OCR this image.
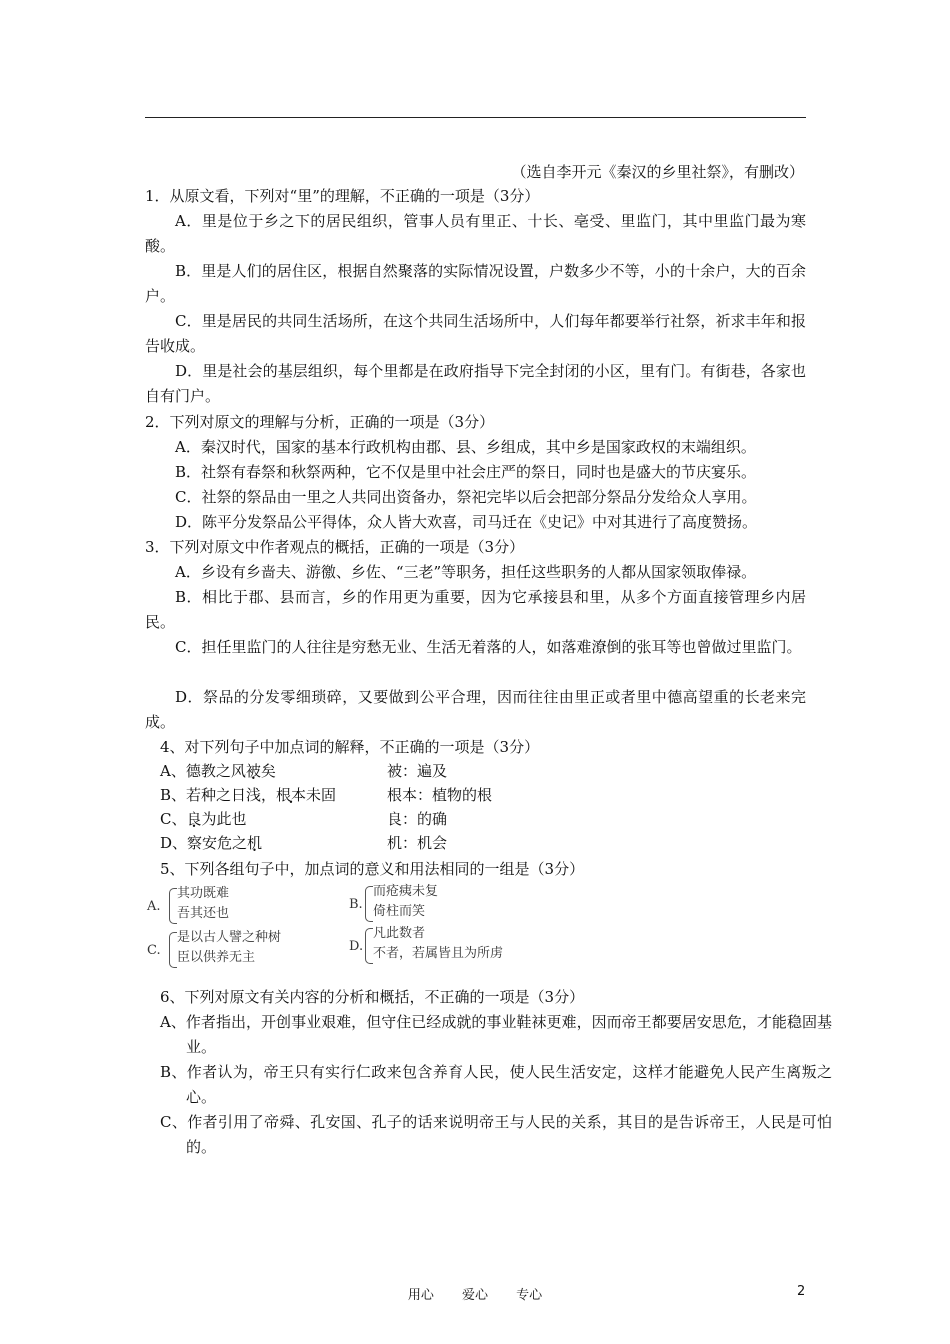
（选自李开元《秦汉的乡里社祭》，有删改）
1．从原文看，下列对“里”的理解，不正确的一项是（3分）
A．里是位于乡之下的居民组织，管事人员有里正、十长、亳受、里监门，其中里监门最为寒酸。
B．里是人们的居住区，根据自然聚落的实际情况设置，户数多少不等，小的十余户，大的百余户。
C．里是居民的共同生活场所，在这个共同生活场所中，人们每年都要举行社祭，祈求丰年和报告收成。
D．里是社会的基层组织，每个里都是在政府指导下完全封闭的小区，里有门。有街巷，各家也自有门户。
2．下列对原文的理解与分析，正确的一项是（3分）
A．秦汉时代，国家的基本行政机构由郡、县、乡组成，其中乡是国家政权的末端组织。
B．社祭有春祭和秋祭两种，它不仅是里中社会庄严的祭日，同时也是盛大的节庆宴乐。
C．社祭的祭品由一里之人共同出资备办，祭祀完毕以后会把部分祭品分发给众人享用。
D．陈平分发祭品公平得体，众人皆大欢喜，司马迁在《史记》中对其进行了高度赞扬。
3．下列对原文中作者观点的概括，正确的一项是（3分）
A．乡设有乡啬夫、游徼、乡佐、“三老”等职务，担任这些职务的人都从国家领取俸禄。
B．相比于郡、县而言，乡的作用更为重要，因为它承接县和里，从多个方面直接管理乡内居民。
C．担任里监门的人往往是穷愁无业、生活无着落的人，如落难潦倒的张耳等也曾做过里监门。
D．祭品的分发零细琐碎，又要做到公平合理，因而往往由里正或者里中德高望重的长老来完成。
4、对下列句子中加点词的解释，不正确的一项是（3分）
A、德教之风被矣	被：遍及
B、若种之日浅，根本未固	根本：植物的根
C、良为此也	良：的确
D、察安危之机	机：机会
5、下列各组句子中，加点词的意义和用法相同的一组是（3分）
A.
其功既难
吾其还也
B.
而疮痍未复
倚柱而笑
C.
是以古人譬之种树
臣以供养无主
D.
凡此数者
不者，若属皆且为所虏
6、下列对原文有关内容的分析和概括，不正确的一项是（3分）
A、作者指出，开创事业艰难，但守住已经成就的事业鞋袜更难，因而帝王都要居安思危，才能稳固基业。
B、作者认为，帝王只有实行仁政来包含养育人民，使人民生活安定，这样才能避免人民产生离叛之心。
C、作者引用了帝舜、孔安国、孔子的话来说明帝王与人民的关系，其目的是告诉帝王，人民是可怕的。
用心 爱心 专心	2
